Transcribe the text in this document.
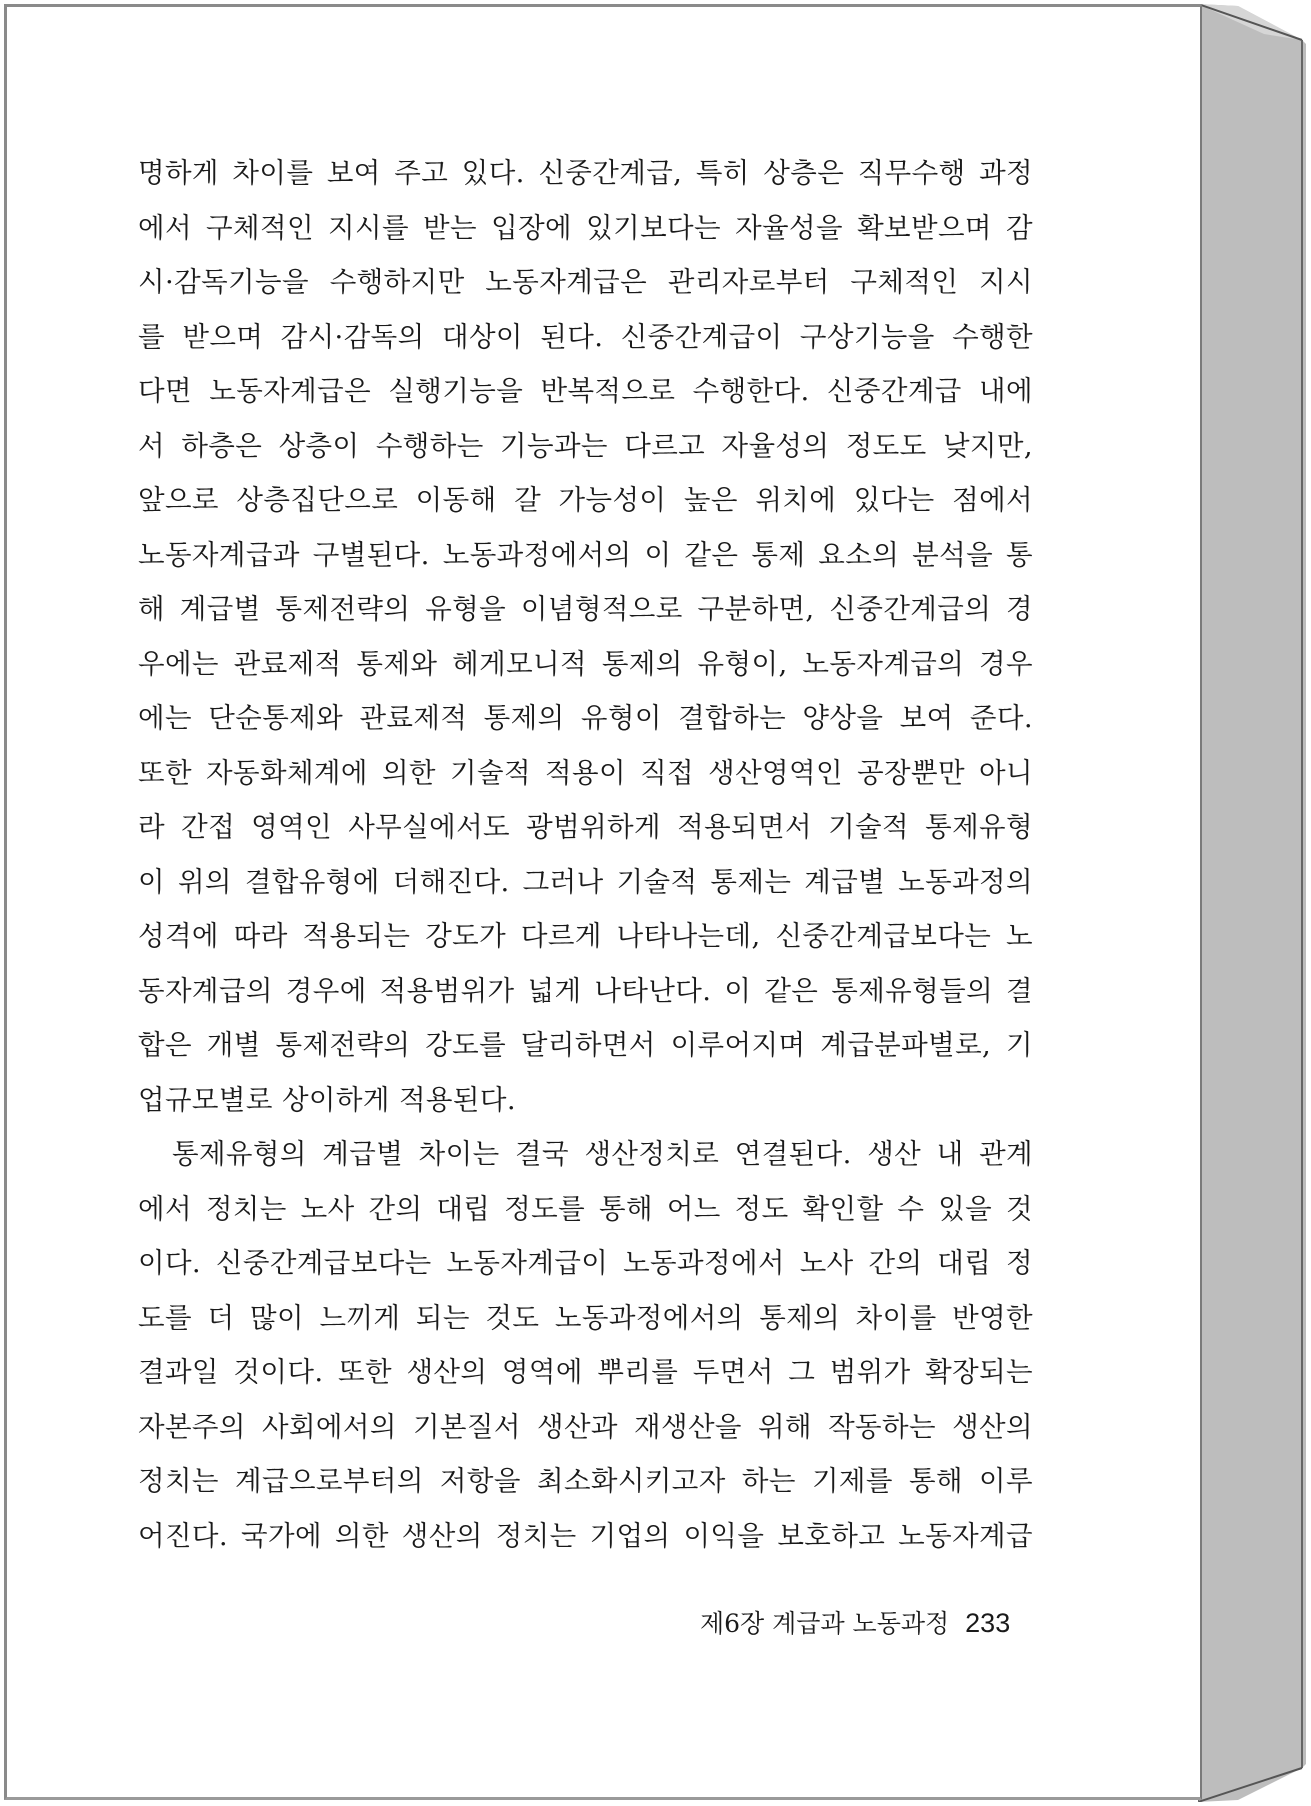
명하게 차이를 보여 주고 있다. 신중간계급, 특히 상층은 직무수행 과정
에서 구체적인 지시를 받는 입장에 있기보다는 자율성을 확보받으며 감
시·감독기능을 수행하지만 노동자계급은 관리자로부터 구체적인 지시
를 받으며 감시·감독의 대상이 된다. 신중간계급이 구상기능을 수행한
다면 노동자계급은 실행기능을 반복적으로 수행한다. 신중간계급 내에
서 하층은 상층이 수행하는 기능과는 다르고 자율성의 정도도 낮지만,
앞으로 상층집단으로 이동해 갈 가능성이 높은 위치에 있다는 점에서
노동자계급과 구별된다. 노동과정에서의 이 같은 통제 요소의 분석을 통
해 계급별 통제전략의 유형을 이념형적으로 구분하면, 신중간계급의 경
우에는 관료제적 통제와 헤게모니적 통제의 유형이, 노동자계급의 경우
에는 단순통제와 관료제적 통제의 유형이 결합하는 양상을 보여 준다.
또한 자동화체계에 의한 기술적 적용이 직접 생산영역인 공장뿐만 아니
라 간접 영역인 사무실에서도 광범위하게 적용되면서 기술적 통제유형
이 위의 결합유형에 더해진다. 그러나 기술적 통제는 계급별 노동과정의
성격에 따라 적용되는 강도가 다르게 나타나는데, 신중간계급보다는 노
동자계급의 경우에 적용범위가 넓게 나타난다. 이 같은 통제유형들의 결
합은 개별 통제전략의 강도를 달리하면서 이루어지며 계급분파별로, 기
업규모별로 상이하게 적용된다.
통제유형의 계급별 차이는 결국 생산정치로 연결된다. 생산 내 관계
에서 정치는 노사 간의 대립 정도를 통해 어느 정도 확인할 수 있을 것
이다. 신중간계급보다는 노동자계급이 노동과정에서 노사 간의 대립 정
도를 더 많이 느끼게 되는 것도 노동과정에서의 통제의 차이를 반영한
결과일 것이다. 또한 생산의 영역에 뿌리를 두면서 그 범위가 확장되는
자본주의 사회에서의 기본질서 생산과 재생산을 위해 작동하는 생산의
정치는 계급으로부터의 저항을 최소화시키고자 하는 기제를 통해 이루
어진다. 국가에 의한 생산의 정치는 기업의 이익을 보호하고 노동자계급
제6장 계급과 노동과정 233
